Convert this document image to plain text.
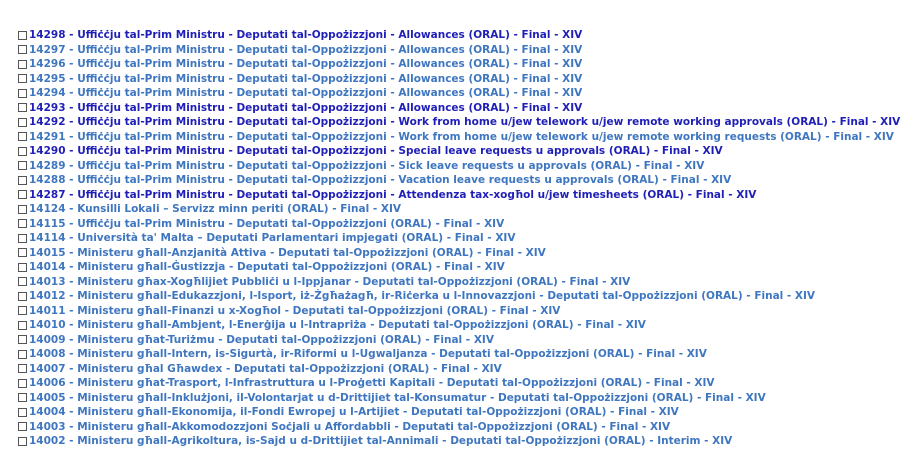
14298 - Uffiċċju tal-Prim Ministru - Deputati tal-Oppożizzjoni - Allowances (ORAL) - Final - XIV
14297 - Uffiċċju tal-Prim Ministru - Deputati tal-Oppożizzjoni - Allowances (ORAL) - Final - XIV
14296 - Uffiċċju tal-Prim Ministru - Deputati tal-Oppożizzjoni - Allowances (ORAL) - Final - XIV
14295 - Uffiċċju tal-Prim Ministru - Deputati tal-Oppożizzjoni - Allowances (ORAL) - Final - XIV
14294 - Uffiċċju tal-Prim Ministru - Deputati tal-Oppożizzjoni - Allowances (ORAL) - Final - XIV
14293 - Uffiċċju tal-Prim Ministru - Deputati tal-Oppożizzjoni - Allowances (ORAL) - Final - XIV
14292 - Uffiċċju tal-Prim Ministru - Deputati tal-Oppożizzjoni - Work from home u/jew telework u/jew remote working approvals (ORAL) - Final - XIV
14291 - Uffiċċju tal-Prim Ministru - Deputati tal-Oppożizzjoni - Work from home u/jew telework u/jew remote working requests (ORAL) - Final - XIV
14290 - Uffiċċju tal-Prim Ministru - Deputati tal-Oppożizzjoni - Special leave requests u approvals (ORAL) - Final - XIV
14289 - Uffiċċju tal-Prim Ministru - Deputati tal-Oppożizzjoni - Sick leave requests u approvals (ORAL) - Final - XIV
14288 - Uffiċċju tal-Prim Ministru - Deputati tal-Oppożizzjoni - Vacation leave requests u approvals (ORAL) - Final - XIV
14287 - Uffiċċju tal-Prim Ministru - Deputati tal-Oppożizzjoni - Attendenza tax-xogħol u/jew timesheets (ORAL) - Final - XIV
14124 - Kunsilli Lokali – Servizz minn periti (ORAL) - Final - XIV
14115 - Uffiċċju tal-Prim Ministru - Deputati tal-Oppożizzjoni (ORAL) - Final - XIV
14114 - Università ta' Malta – Deputati Parlamentari impjegati (ORAL) - Final - XIV
14015 - Ministeru għall-Anzjanità Attiva - Deputati tal-Oppożizzjoni (ORAL) - Final - XIV
14014 - Ministeru għall-Ġustizzja - Deputati tal-Oppożizzjoni (ORAL) - Final - XIV
14013 - Ministeru għax-Xogħlijiet Pubbliċi u l-Ippjanar - Deputati tal-Oppożizzjoni (ORAL) - Final - XIV
14012 - Ministeru għall-Edukazzjoni, l-Isport, iż-Żgħażagħ, ir-Riċerka u l-Innovazzjoni - Deputati tal-Oppożizzjoni (ORAL) - Final - XIV
14011 - Ministeru għall-Finanzi u x-Xogħol - Deputati tal-Oppożizzjoni (ORAL) - Final - XIV
14010 - Ministeru għall-Ambjent, l-Enerġija u l-Intrapriża - Deputati tal-Oppożizzjoni (ORAL) - Final - XIV
14009 - Ministeru għat-Turiżmu - Deputati tal-Oppożizzjoni (ORAL) - Final - XIV
14008 - Ministeru għall-Intern, is-Sigurtà, ir-Riformi u l-Ugwaljanza - Deputati tal-Oppożizzjoni (ORAL) - Final - XIV
14007 - Ministeru għal Għawdex - Deputati tal-Oppożizzjoni (ORAL) - Final - XIV
14006 - Ministeru għat-Trasport, l-Infrastruttura u l-Proġetti Kapitali - Deputati tal-Oppożizzjoni (ORAL) - Final - XIV
14005 - Ministeru għall-Inklużjoni, il-Volontarjat u d-Drittijiet tal-Konsumatur - Deputati tal-Oppożizzjoni (ORAL) - Final - XIV
14004 - Ministeru għall-Ekonomija, il-Fondi Ewropej u l-Artijiet - Deputati tal-Oppożizzjoni (ORAL) - Final - XIV
14003 - Ministeru għall-Akkomodozzjoni Soċjali u Affordabbli - Deputati tal-Oppożizzjoni (ORAL) - Final - XIV
14002 - Ministeru għall-Agrikoltura, is-Sajd u d-Drittijiet tal-Annimali - Deputati tal-Oppożizzjoni (ORAL) - Interim - XIV
